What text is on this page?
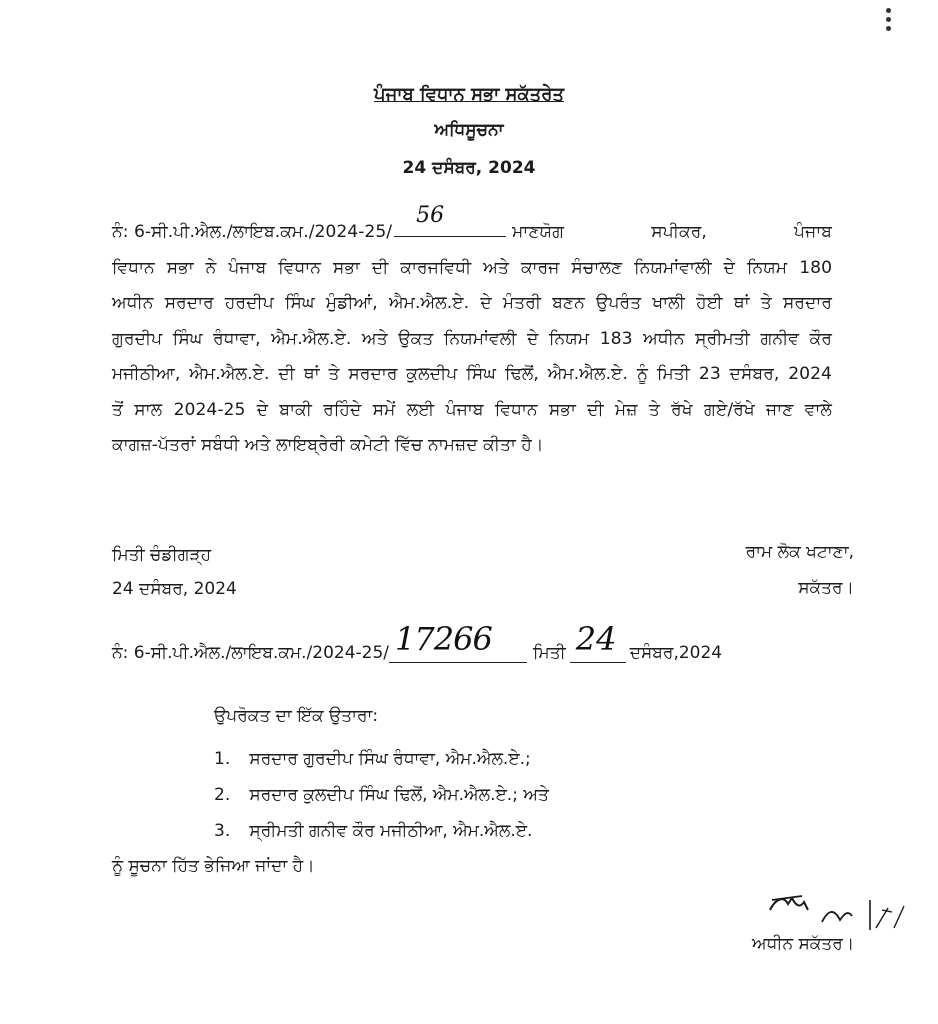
ਪੰਜਾਬ ਵਿਧਾਨ ਸਭਾ ਸਕੱਤਰੇਤ
ਅਧਿਸੂਚਨਾ
24 ਦਸੰਬਰ, 2024
ਨੰ: 6-ਸੀ.ਪੀ.ਐਲ./ਲਾਇਬ.ਕਮ./2024-25/
56
ਮਾਣਯੋਗ ਸਪੀਕਰ, ਪੰਜਾਬ
ਵਿਧਾਨ ਸਭਾ ਨੇ ਪੰਜਾਬ ਵਿਧਾਨ ਸਭਾ ਦੀ ਕਾਰਜਵਿਧੀ ਅਤੇ ਕਾਰਜ ਸੰਚਾਲਣ ਨਿਯਮਾਂਵਾਲੀ ਦੇ ਨਿਯਮ 180
ਅਧੀਨ ਸਰਦਾਰ ਹਰਦੀਪ ਸਿੰਘ ਮੁੰਡੀਆਂ, ਐਮ.ਐਲ.ਏ. ਦੇ ਮੰਤਰੀ ਬਣਨ ਉਪਰੰਤ ਖਾਲੀ ਹੋਈ ਥਾਂ ਤੇ ਸਰਦਾਰ
ਗੁਰਦੀਪ ਸਿੰਘ ਰੰਧਾਵਾ, ਐਮ.ਐਲ.ਏ. ਅਤੇ ਉਕਤ ਨਿਯਮਾਂਵਲੀ ਦੇ ਨਿਯਮ 183 ਅਧੀਨ ਸ੍ਰੀਮਤੀ ਗਨੀਵ ਕੌਰ
ਮਜੀਠੀਆ, ਐਮ.ਐਲ.ਏ. ਦੀ ਥਾਂ ਤੇ ਸਰਦਾਰ ਕੁਲਦੀਪ ਸਿੰਘ ਢਿਲੋਂ, ਐਮ.ਐਲ.ਏ. ਨੂੰ ਮਿਤੀ 23 ਦਸੰਬਰ, 2024
ਤੋਂ ਸਾਲ 2024-25 ਦੇ ਬਾਕੀ ਰਹਿੰਦੇ ਸਮੇਂ ਲਈ ਪੰਜਾਬ ਵਿਧਾਨ ਸਭਾ ਦੀ ਮੇਜ਼ ਤੇ ਰੱਖੇ ਗਏ/ਰੱਖੇ ਜਾਣ ਵਾਲੇ
ਕਾਗਜ਼-ਪੱਤਰਾਂ ਸਬੰਧੀ ਅਤੇ ਲਾਇਬ੍ਰੇਰੀ ਕਮੇਟੀ ਵਿੱਚ ਨਾਮਜ਼ਦ ਕੀਤਾ ਹੈ।
ਮਿਤੀ ਚੰਡੀਗੜ੍ਹ
24 ਦਸੰਬਰ, 2024
ਰਾਮ ਲੋਕ ਖਟਾਣਾ,
ਸਕੱਤਰ।
ਨੰ: 6-ਸੀ.ਪੀ.ਐਲ./ਲਾਇਬ.ਕਮ./2024-25/ 17266 ਮਿਤੀ 24 ਦਸੰਬਰ,2024
ਉਪਰੋਕਤ ਦਾ ਇੱਕ ਉਤਾਰਾ:
1. ਸਰਦਾਰ ਗੁਰਦੀਪ ਸਿੰਘ ਰੰਧਾਵਾ, ਐਮ.ਐਲ.ਏ.;
2. ਸਰਦਾਰ ਕੁਲਦੀਪ ਸਿੰਘ ਢਿਲੋਂ, ਐਮ.ਐਲ.ਏ.; ਅਤੇ
3. ਸ੍ਰੀਮਤੀ ਗਨੀਵ ਕੌਰ ਮਜੀਠੀਆ, ਐਮ.ਐਲ.ਏ.
ਨੂੰ ਸੂਚਨਾ ਹਿੱਤ ਭੇਜਿਆ ਜਾਂਦਾ ਹੈ।
ਅਧੀਨ ਸਕੱਤਰ।
